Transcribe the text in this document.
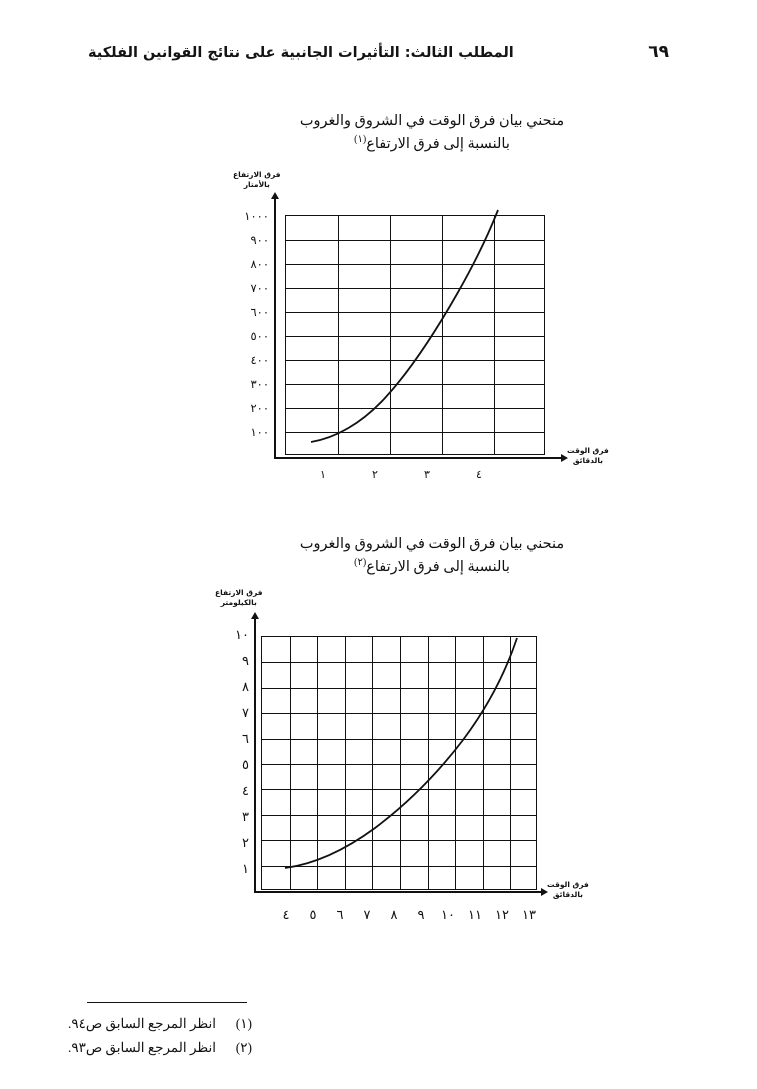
المطلب الثالث: التأثيرات الجانبية على نتائج القوانين الفلكية	٦٩
منحني بيان فرق الوقت في الشروق والغروب
بالنسبة إلى فرق الارتفاع$^{(١)}$
فرق الارتفاع
بالأمتار
فرق الوقت
بالدقائق
١٠٠٠
٩٠٠
٨٠٠
٧٠٠
٦٠٠
٥٠٠
٤٠٠
٣٠٠
٢٠٠
١٠٠
١	٢	٣	٤
منحني بيان فرق الوقت في الشروق والغروب
بالنسبة إلى فرق الارتفاع$^{(٢)}$
فرق الارتفاع
بالكيلومتر
فرق الوقت
بالدقائق
١٠
٩
٨
٧
٦
٥
٤
٣
٢
١
٤	٥	٦	٧	٨	٩	١٠	١١	١٢	١٣
(١)
انظر المرجع السابق ص٩٤.
(٢)
انظر المرجع السابق ص٩٣.
